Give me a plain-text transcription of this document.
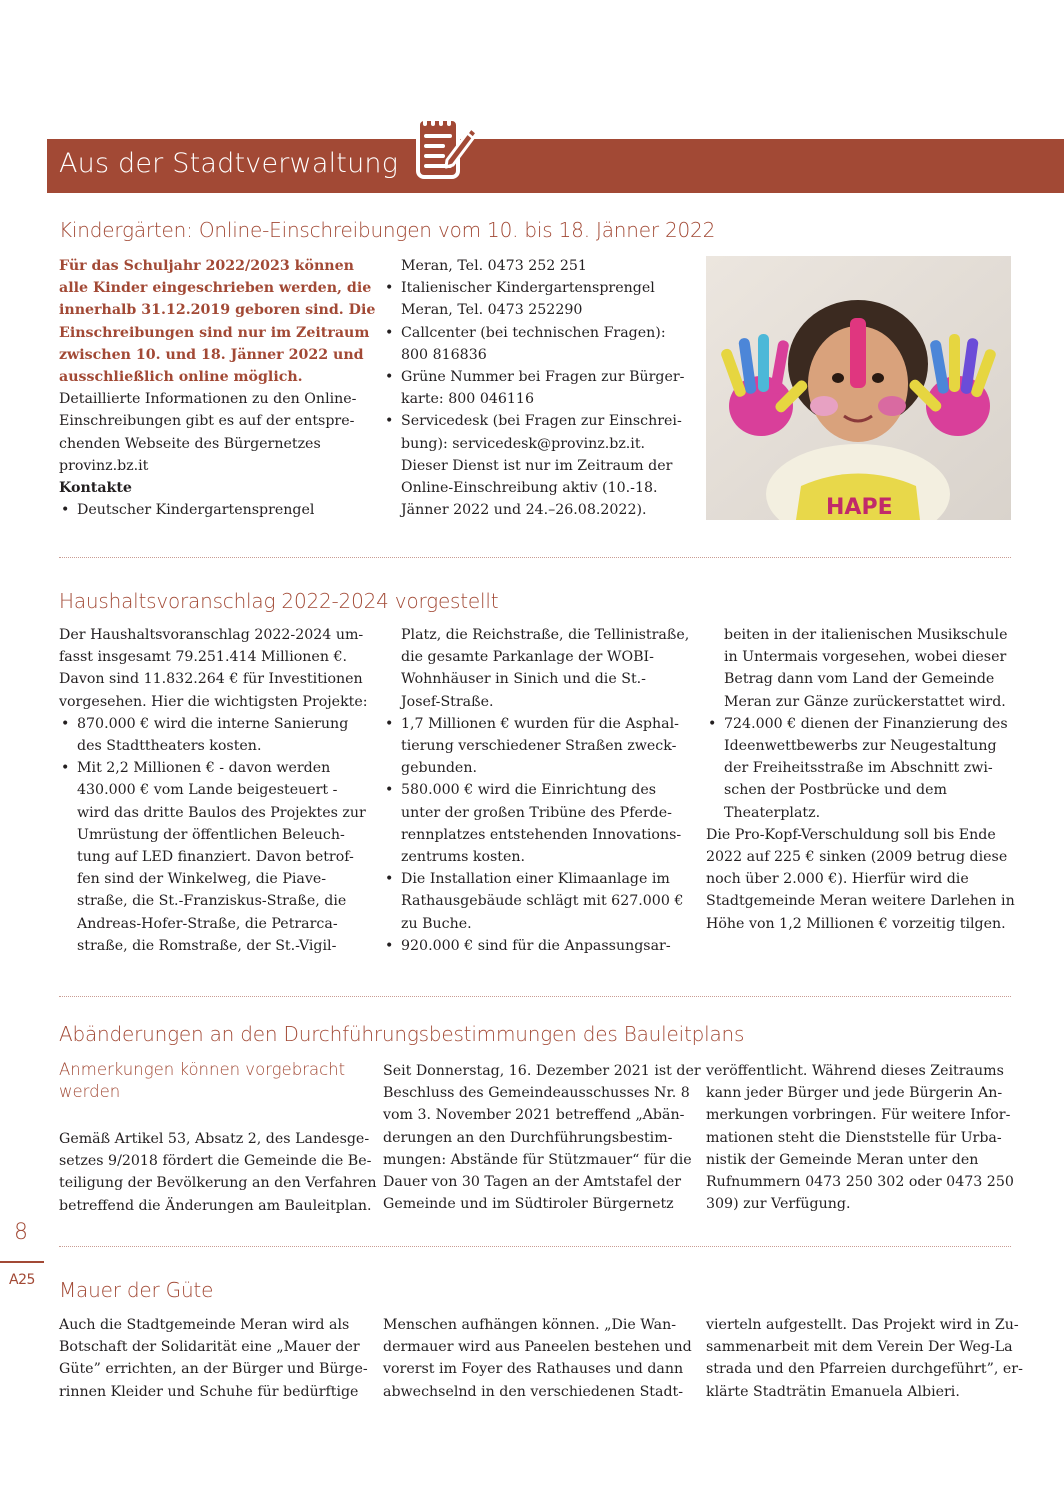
Aus der Stadtverwaltung
Kindergärten: Online-Einschreibungen vom 10. bis 18. Jänner 2022

Für das Schuljahr 2022/2023 können

alle Kinder eingeschrieben werden, die

innerhalb 31.12.2019 geboren sind. Die

Einschreibungen sind nur im Zeitraum

zwischen 10. und 18. Jänner 2022 und

ausschließlich online möglich.

Detaillierte Informationen zu den Online-

Einschreibungen gibt es auf der entspre-

chenden Webseite des Bürgernetzes

provinz.bz.it

Kontakte

• Deutscher Kindergartensprengel

Meran, Tel. 0473 252 251

• Italienischer Kindergartensprengel

Meran, Tel. 0473 252290

• Callcenter (bei technischen Fragen):

800 816836

• Grüne Nummer bei Fragen zur Bürger-

karte: 800 046116

• Servicedesk (bei Fragen zur Einschrei-

bung): servicedesk@provinz.bz.it.

Dieser Dienst ist nur im Zeitraum der

Online-Einschreibung aktiv (10.-18.

Jänner 2022 und 24.–26.08.2022).	HAPE
Haushaltsvoranschlag 2022-2024 vorgestellt

Der Haushaltsvoranschlag 2022-2024 um-

fasst insgesamt 79.251.414 Millionen €.

Davon sind 11.832.264 € für Investitionen

vorgesehen. Hier die wichtigsten Projekte:

• 870.000 € wird die interne Sanierung

des Stadttheaters kosten.

• Mit 2,2 Millionen € - davon werden

430.000 € vom Lande beigesteuert -

wird das dritte Baulos des Projektes zur

Umrüstung der öffentlichen Beleuch-

tung auf LED finanziert. Davon betrof-

fen sind der Winkelweg, die Piave-

straße, die St.-Franziskus-Straße, die

Andreas-Hofer-Straße, die Petrarca-

straße, die Romstraße, der St.-Vigil-

Platz, die Reichstraße, die Tellinistraße,

die gesamte Parkanlage der WOBI-

Wohnhäuser in Sinich und die St.-

Josef-Straße.

• 1,7 Millionen € wurden für die Asphal-

tierung verschiedener Straßen zweck-

gebunden.

• 580.000 € wird die Einrichtung des

unter der großen Tribüne des Pferde-

rennplatzes entstehenden Innovations-

zentrums kosten.

• Die Installation einer Klimaanlage im

Rathausgebäude schlägt mit 627.000 €

zu Buche.

• 920.000 € sind für die Anpassungsar-

beiten in der italienischen Musikschule

in Untermais vorgesehen, wobei dieser

Betrag dann vom Land der Gemeinde

Meran zur Gänze zurückerstattet wird.

• 724.000 € dienen der Finanzierung des

Ideenwettbewerbs zur Neugestaltung

der Freiheitsstraße im Abschnitt zwi-

schen der Postbrücke und dem

Theaterplatz.

Die Pro-Kopf-Verschuldung soll bis Ende

2022 auf 225 € sinken (2009 betrug diese

noch über 2.000 €). Hierfür wird die

Stadtgemeinde Meran weitere Darlehen in

Höhe von 1,2 Millionen € vorzeitig tilgen.

Abänderungen an den Durchführungsbestimmungen des Bauleitplans
Anmerkungen können vorgebracht
werden

Gemäß Artikel 53, Absatz 2, des Landesge-

setzes 9/2018 fördert die Gemeinde die Be-

teiligung der Bevölkerung an den Verfahren

betreffend die Änderungen am Bauleitplan.

Seit Donnerstag, 16. Dezember 2021 ist der

Beschluss des Gemeindeausschusses Nr. 8

vom 3. November 2021 betreffend „Abän-

derungen an den Durchführungsbestim-

mungen: Abstände für Stützmauer“ für die

Dauer von 30 Tagen an der Amtstafel der

Gemeinde und im Südtiroler Bürgernetz

veröffentlicht. Während dieses Zeitraums

kann jeder Bürger und jede Bürgerin An-

merkungen vorbringen. Für weitere Infor-

mationen steht die Dienststelle für Urba-

nistik der Gemeinde Meran unter den

Rufnummern 0473 250 302 oder 0473 250

309) zur Verfügung.

Mauer der Güte

Auch die Stadtgemeinde Meran wird als

Botschaft der Solidarität eine „Mauer der

Güte” errichten, an der Bürger und Bürge-

rinnen Kleider und Schuhe für bedürftige

Menschen aufhängen können. „Die Wan-

dermauer wird aus Paneelen bestehen und

vorerst im Foyer des Rathauses und dann

abwechselnd in den verschiedenen Stadt-

vierteln aufgestellt. Das Projekt wird in Zu-

sammenarbeit mit dem Verein Der Weg-La

strada und den Pfarreien durchgeführt”, er-

klärte Stadträtin Emanuela Albieri.

8
A25
